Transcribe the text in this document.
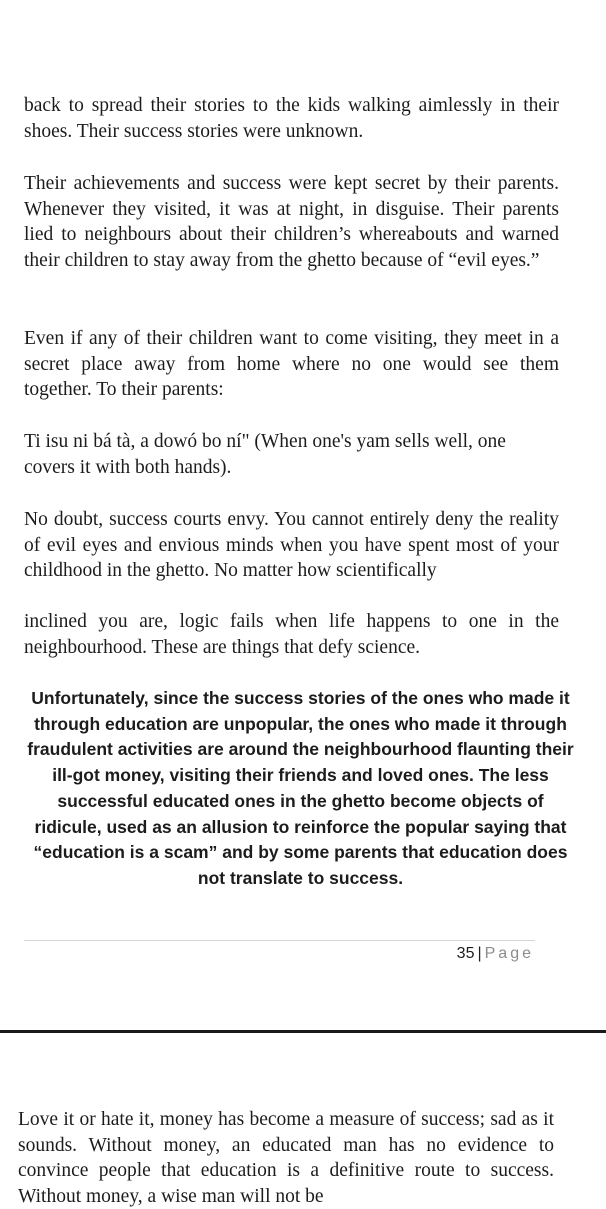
back to spread their stories to the kids walking aimlessly in their shoes. Their success stories were unknown.

Their achievements and success were kept secret by their parents. Whenever they visited, it was at night, in disguise. Their parents lied to neighbours about their children’s whereabouts and warned their children to stay away from the ghetto because of “evil eyes.”

Even if any of their children want to come visiting, they meet in a secret place away from home where no one would see them together. To their parents:

Ti isu ni bá tà, a dowó bo ní" (When one's yam sells well, one covers it with both hands).

No doubt, success courts envy. You cannot entirely deny the reality of evil eyes and envious minds when you have spent most of your childhood in the ghetto. No matter how scientifically

inclined you are, logic fails when life happens to one in the neighbourhood. These are things that defy science.

Unfortunately, since the success stories of the ones who made it through education are unpopular, the ones who made it through fraudulent activities are around the neighbourhood flaunting their ill-got money, visiting their friends and loved ones. The less successful educated ones in the ghetto become objects of ridicule, used as an allusion to reinforce the popular saying that “education is a scam” and by some parents that education does not translate to success.

35 | Page

Love it or hate it, money has become a measure of success; sad as it sounds. Without money, an educated man has no evidence to convince people that education is a definitive route to success. Without money, a wise man will not be
